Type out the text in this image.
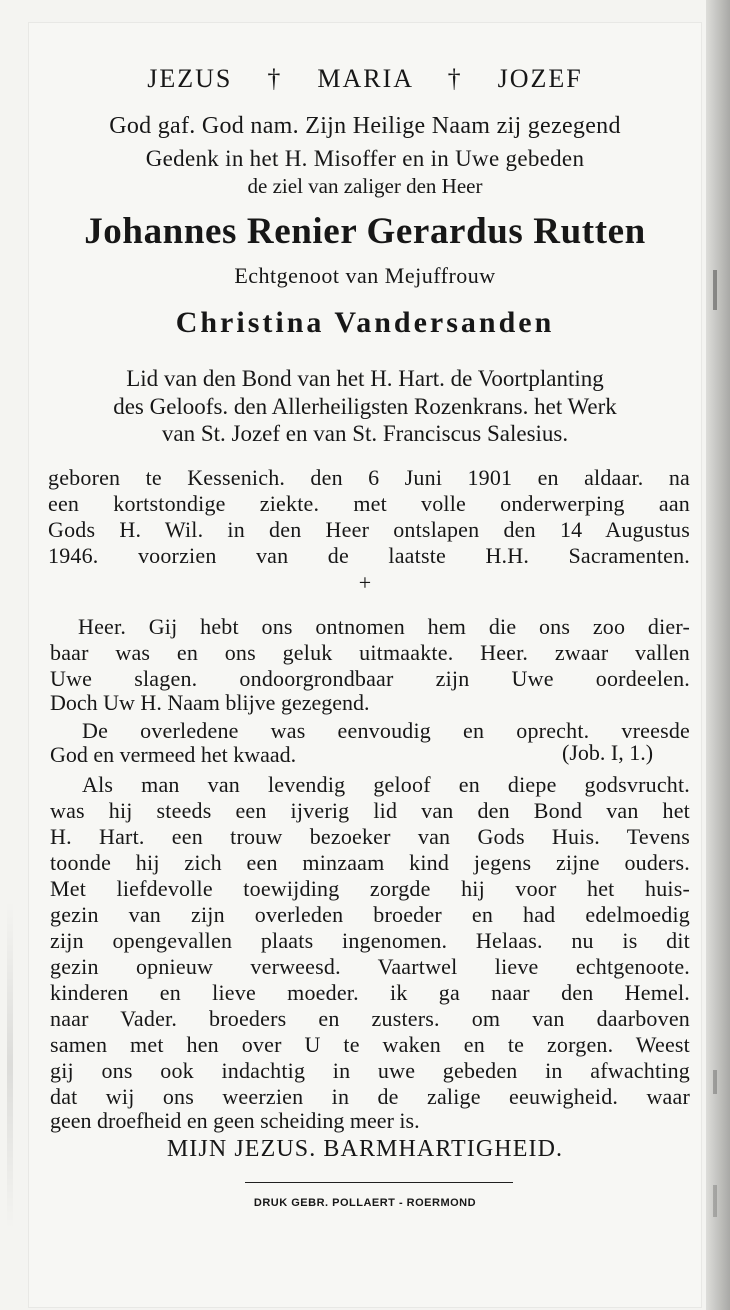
JEZUS † MARIA † JOZEF
God gaf. God nam. Zijn Heilige Naam zij gezegend
Gedenk in het H. Misoffer en in Uwe gebeden
de ziel van zaliger den Heer
Johannes Renier Gerardus Rutten
Echtgenoot van Mejuffrouw
Christina Vandersanden
Lid van den Bond van het H. Hart. de Voortplanting
des Geloofs. den Allerheiligsten Rozenkrans. het Werk
van St. Jozef en van St. Franciscus Salesius.
geboren te Kessenich. den 6 Juni 1901 en aldaar. na
een kortstondige ziekte. met volle onderwerping aan
Gods H. Wil. in den Heer ontslapen den 14 Augustus
1946. voorzien van de laatste H.H. Sacramenten.
+
Heer. Gij hebt ons ontnomen hem die ons zoo dier-
baar was en ons geluk uitmaakte. Heer. zwaar vallen
Uwe slagen. ondoorgrondbaar zijn Uwe oordeelen.
Doch Uw H. Naam blijve gezegend.
De overledene was eenvoudig en oprecht. vreesde
God en vermeed het kwaad.	(Job. I, 1.)
Als man van levendig geloof en diepe godsvrucht.
was hij steeds een ijverig lid van den Bond van het
H. Hart. een trouw bezoeker van Gods Huis. Tevens
toonde hij zich een minzaam kind jegens zijne ouders.
Met liefdevolle toewijding zorgde hij voor het huis-
gezin van zijn overleden broeder en had edelmoedig
zijn opengevallen plaats ingenomen. Helaas. nu is dit
gezin opnieuw verweesd. Vaartwel lieve echtgenoote.
kinderen en lieve moeder. ik ga naar den Hemel.
naar Vader. broeders en zusters. om van daarboven
samen met hen over U te waken en te zorgen. Weest
gij ons ook indachtig in uwe gebeden in afwachting
dat wij ons weerzien in de zalige eeuwigheid. waar
geen droefheid en geen scheiding meer is.
MIJN JEZUS. BARMHARTIGHEID.
DRUK GEBR. POLLAERT - ROERMOND
